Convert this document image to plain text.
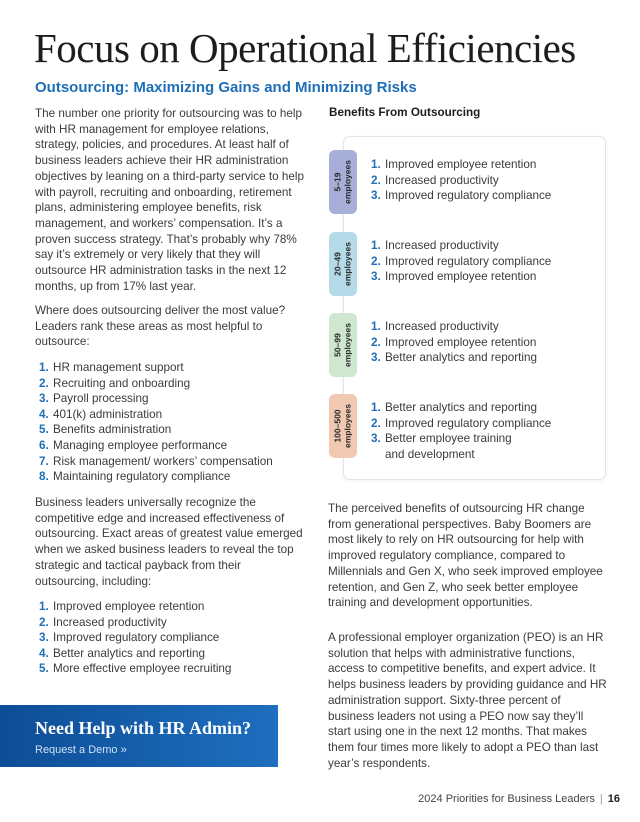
Focus on Operational Efficiencies
Outsourcing: Maximizing Gains and Minimizing Risks

The number one priority for outsourcing was to help with HR management for employee relations, strategy, policies, and procedures. At least half of business leaders achieve their HR administration objectives by leaning on a third-party service to help with payroll, recruiting and onboarding, retirement plans, administering employee benefits, risk management, and workers’ compensation. It’s a proven success strategy. That’s probably why 78% say it’s extremely or very likely that they will outsource HR administration tasks in the next 12 months, up from 17% last year.

Where does outsourcing deliver the most value? Leaders rank these areas as most helpful to outsource:

1. HR management support
2. Recruiting and onboarding
3. Payroll processing
4. 401(k) administration
5. Benefits administration
6. Managing employee performance
7. Risk management/ workers’ compensation
8. Maintaining regulatory compliance

Business leaders universally recognize the competitive edge and increased effectiveness of outsourcing. Exact areas of greatest value emerged when we asked business leaders to reveal the top strategic and tactical payback from their outsourcing, including:

1. Improved employee retention
2. Increased productivity
3. Improved regulatory compliance
4. Better analytics and reporting
5. More effective employee recruiting
Need Help with HR Admin?
Request a Demo »
Benefits From Outsourcing
5–19 employees 1. Improved employee retention
2. Increased productivity
3. Improved regulatory compliance
20–49 employees 1. Increased productivity
2. Improved regulatory compliance
3. Improved employee retention
50–99 employees 1. Increased productivity
2. Improved employee retention
3. Better analytics and reporting
100–500 employees 1. Better analytics and reporting
2. Improved regulatory compliance
3. Better employee training
and development

The perceived benefits of outsourcing HR change from generational perspectives. Baby Boomers are most likely to rely on HR outsourcing for help with improved regulatory compliance, compared to Millennials and Gen X, who seek improved employee retention, and Gen Z, who seek better employee training and development opportunities.

A professional employer organization (PEO) is an HR solution that helps with administrative functions, access to competitive benefits, and expert advice. It helps business leaders by providing guidance and HR administration support. Sixty-three percent of business leaders not using a PEO now say they’ll start using one in the next 12 months. That makes them four times more likely to adopt a PEO than last year’s respondents.

2024 Priorities for Business Leaders | 16
